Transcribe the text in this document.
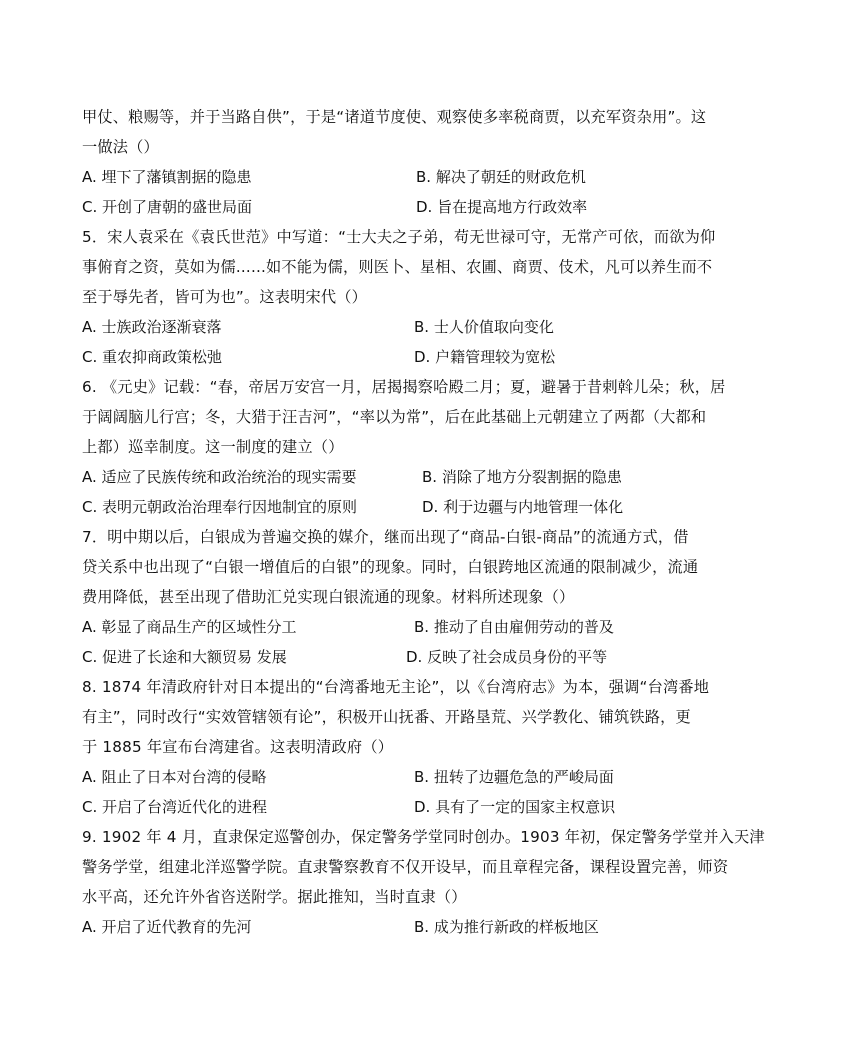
甲仗、粮赐等，并于当路自供”，于是“诸道节度使、观察使多率税商贾，以充军资杂用”。这
一做法（）
A. 埋下了藩镇割据的隐患	B. 解决了朝廷的财政危机
C. 开创了唐朝的盛世局面	D. 旨在提高地方行政效率
5．宋人袁采在《袁氏世范》中写道：“士大夫之子弟，苟无世禄可守，无常产可依，而欲为仰
事俯育之资，莫如为儒......如不能为儒，则医卜、星相、农圃、商贾、伎术，凡可以养生而不
至于辱先者，皆可为也”。这表明宋代（）
A. 士族政治逐渐衰落	B. 士人价值取向变化
C. 重农抑商政策松弛	D. 户籍管理较为宽松
6. 《元史》记载：“春，帝居万安宫一月，居揭揭察哈殿二月；夏，避暑于昔剌斡儿朵；秋，居
于阔阔脑儿行宫；冬，大猎于汪吉河”，“率以为常”，后在此基础上元朝建立了两都（大都和
上都）巡幸制度。这一制度的建立（）
A. 适应了民族传统和政治统治的现实需要	B. 消除了地方分裂割据的隐患
C. 表明元朝政治治理奉行因地制宜的原则	D. 利于边疆与内地管理一体化
7．明中期以后，白银成为普遍交换的媒介，继而出现了“商品-白银-商品”的流通方式，借
贷关系中也出现了“白银一增值后的白银”的现象。同时，白银跨地区流通的限制减少，流通
费用降低，甚至出现了借助汇兑实现白银流通的现象。材料所述现象（）
A. 彰显了商品生产的区域性分工	B. 推动了自由雇佣劳动的普及
C. 促进了长途和大额贸易 发展	D. 反映了社会成员身份的平等
8. 1874 年清政府针对日本提出的“台湾番地无主论”，以《台湾府志》为本，强调“台湾番地
有主”，同时改行“实效管辖领有论”，积极开山抚番、开路垦荒、兴学教化、铺筑铁路，更
于 1885 年宣布台湾建省。这表明清政府（）
A. 阻止了日本对台湾的侵略	B. 扭转了边疆危急的严峻局面
C. 开启了台湾近代化的进程	D. 具有了一定的国家主权意识
9. 1902 年 4 月，直隶保定巡警创办，保定警务学堂同时创办。1903 年初，保定警务学堂并入天津
警务学堂，组建北洋巡警学院。直隶警察教育不仅开设早，而且章程完备，课程设置完善，师资
水平高，还允许外省咨送附学。据此推知，当时直隶（）
A. 开启了近代教育的先河	B. 成为推行新政的样板地区
